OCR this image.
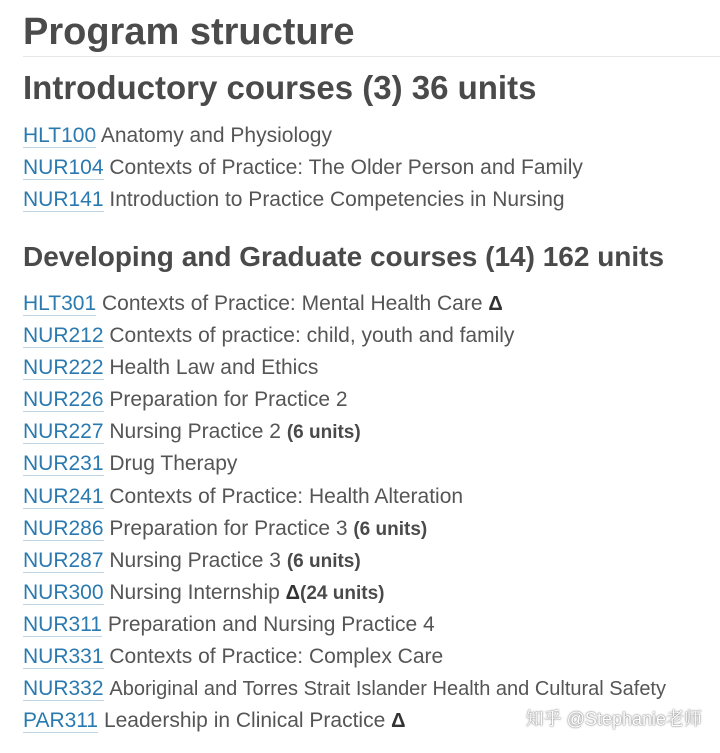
Program structure
Introductory courses (3) 36 units
HLT100 Anatomy and Physiology
NUR104 Contexts of Practice: The Older Person and Family
NUR141 Introduction to Practice Competencies in Nursing
Developing and Graduate courses (14) 162 units
HLT301 Contexts of Practice: Mental Health Care Δ
NUR212 Contexts of practice: child, youth and family
NUR222 Health Law and Ethics
NUR226 Preparation for Practice 2
NUR227 Nursing Practice 2 (6 units)
NUR231 Drug Therapy
NUR241 Contexts of Practice: Health Alteration
NUR286 Preparation for Practice 3 (6 units)
NUR287 Nursing Practice 3 (6 units)
NUR300 Nursing Internship Δ(24 units)
NUR311 Preparation and Nursing Practice 4
NUR331 Contexts of Practice: Complex Care
NUR332 Aboriginal and Torres Strait Islander Health and Cultural Safety
PAR311 Leadership in Clinical Practice Δ	知乎 @Stephanie老师
